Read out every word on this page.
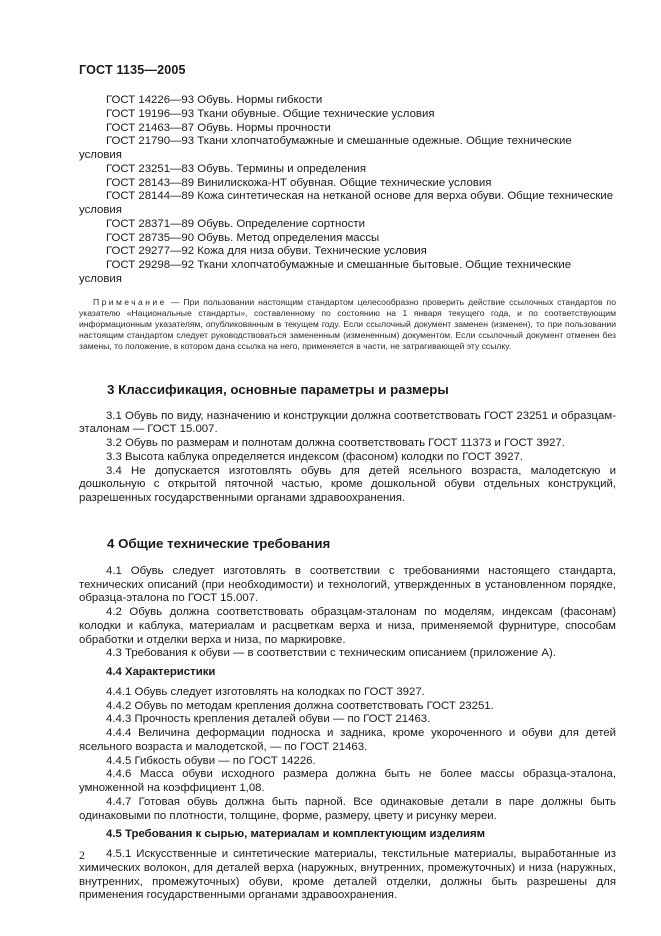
ГОСТ 1135—2005

ГОСТ 14226—93 Обувь. Нормы гибкости

ГОСТ 19196—93 Ткани обувные. Общие технические условия

ГОСТ 21463—87 Обувь. Нормы прочности

ГОСТ 21790—93 Ткани хлопчатобумажные и смешанные одежные. Общие технические условия

ГОСТ 23251—83 Обувь. Термины и определения

ГОСТ 28143—89 Винилискожа-НТ обувная. Общие технические условия

ГОСТ 28144—89 Кожа синтетическая на нетканой основе для верха обуви. Общие технические условия

ГОСТ 28371—89 Обувь. Определение сортности

ГОСТ 28735—90 Обувь. Метод определения массы

ГОСТ 29277—92 Кожа для низа обуви. Технические условия

ГОСТ 29298—92 Ткани хлопчатобумажные и смешанные бытовые. Общие технические условия

Примечание — При пользовании настоящим стандартом целесообразно проверить действие ссылочных стандартов по указателю «Национальные стандарты», составленному по состоянию на 1 января текущего года, и по соответствующим информационным указателям, опубликованным в текущем году. Если ссылочный документ заменен (изменен), то при пользовании настоящим стандартом следует руководствоваться замененным (измененным) документом. Если ссылочный документ отменен без замены, то положение, в котором дана ссылка на него, применяется в части, не затрагивающей эту ссылку.
3 Классификация, основные параметры и размеры

3.1 Обувь по виду, назначению и конструкции должна соответствовать ГОСТ 23251 и образцам-эталонам — ГОСТ 15.007.

3.2 Обувь по размерам и полнотам должна соответствовать ГОСТ 11373 и ГОСТ 3927.

3.3 Высота каблука определяется индексом (фасоном) колодки по ГОСТ 3927.

3.4 Не допускается изготовлять обувь для детей ясельного возраста, малодетскую и дошкольную с открытой пяточной частью, кроме дошкольной обуви отдельных конструкций, разрешенных государственными органами здравоохранения.

4 Общие технические требования

4.1 Обувь следует изготовлять в соответствии с требованиями настоящего стандарта, технических описаний (при необходимости) и технологий, утвержденных в установленном порядке, образца-эталона по ГОСТ 15.007.

4.2 Обувь должна соответствовать образцам-эталонам по моделям, индексам (фасонам) колодки и каблука, материалам и расцветкам верха и низа, применяемой фурнитуре, способам обработки и отделки верха и низа, по маркировке.

4.3 Требования к обуви — в соответствии с техническим описанием (приложение А).

4.4 Характеристики

4.4.1 Обувь следует изготовлять на колодках по ГОСТ 3927.

4.4.2 Обувь по методам крепления должна соответствовать ГОСТ 23251.

4.4.3 Прочность крепления деталей обуви — по ГОСТ 21463.

4.4.4 Величина деформации подноска и задника, кроме укороченного и обуви для детей ясельного возраста и малодетской, — по ГОСТ 21463.

4.4.5 Гибкость обуви — по ГОСТ 14226.

4.4.6 Масса обуви исходного размера должна быть не более массы образца-эталона, умноженной на коэффициент 1,08.

4.4.7 Готовая обувь должна быть парной. Все одинаковые детали в паре должны быть одинаковыми по плотности, толщине, форме, размеру, цвету и рисунку мереи.

4.5 Требования к сырью, материалам и комплектующим изделиям

4.5.1 Искусственные и синтетические материалы, текстильные материалы, выработанные из химических волокон, для деталей верха (наружных, внутренних, промежуточных) и низа (наружных, внутренних, промежуточных) обуви, кроме деталей отделки, должны быть разрешены для применения государственными органами здравоохранения.

2
